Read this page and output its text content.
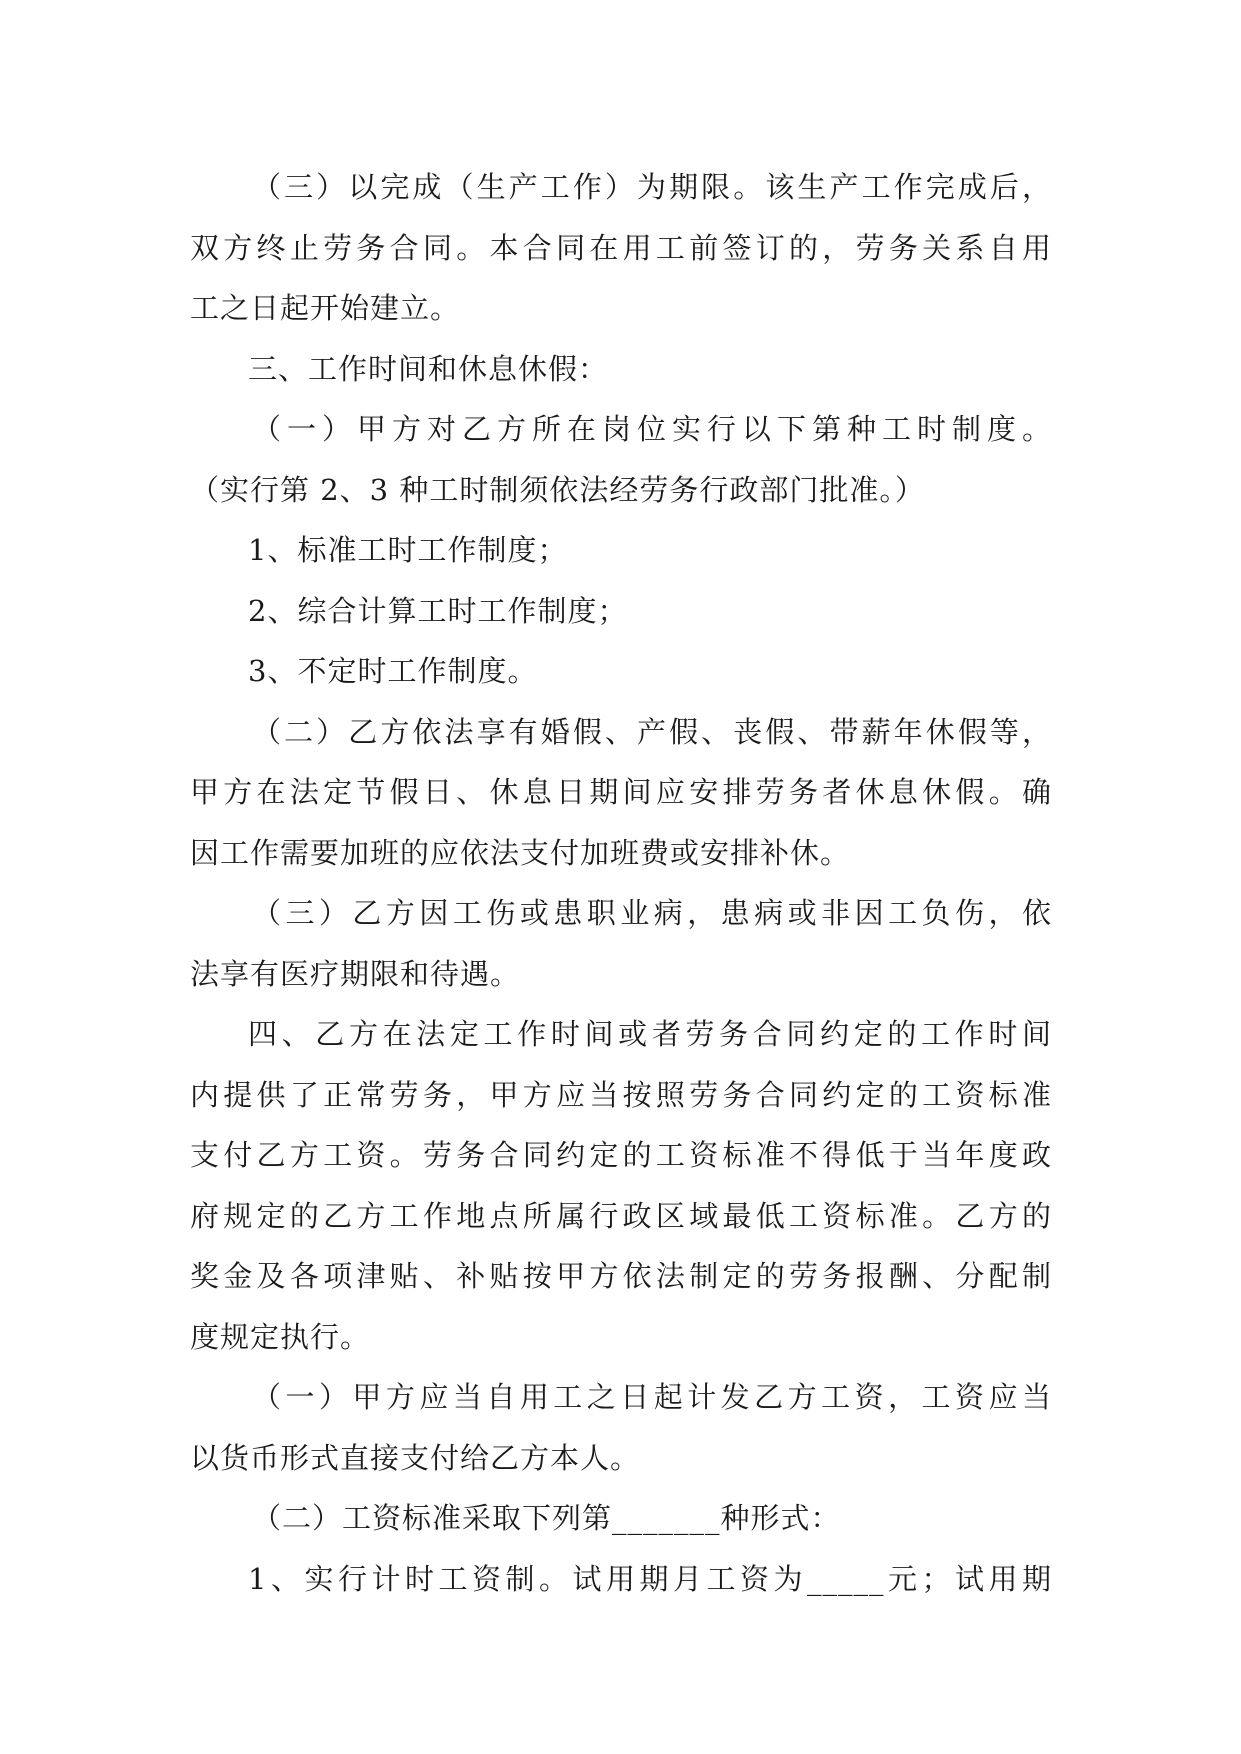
（三）以完成（生产工作）为期限。该生产工作完成后，
双方终止劳务合同。本合同在用工前签订的，劳务关系自用
工之日起开始建立。
三、工作时间和休息休假：
（一）甲方对乙方所在岗位实行以下第种工时制度。
（实行第 2、3 种工时制须依法经劳务行政部门批准。）
1、标准工时工作制度；
2、综合计算工时工作制度；
3、不定时工作制度。
（二）乙方依法享有婚假、产假、丧假、带薪年休假等，
甲方在法定节假日、休息日期间应安排劳务者休息休假。确
因工作需要加班的应依法支付加班费或安排补休。
（三）乙方因工伤或患职业病，患病或非因工负伤，依
法享有医疗期限和待遇。
四、乙方在法定工作时间或者劳务合同约定的工作时间
内提供了正常劳务，甲方应当按照劳务合同约定的工资标准
支付乙方工资。劳务合同约定的工资标准不得低于当年度政
府规定的乙方工作地点所属行政区域最低工资标准。乙方的
奖金及各项津贴、补贴按甲方依法制定的劳务报酬、分配制
度规定执行。
（一）甲方应当自用工之日起计发乙方工资，工资应当
以货币形式直接支付给乙方本人。
（二）工资标准采取下列第_______种形式：
1、实行计时工资制。试用期月工资为_____元；试用期
